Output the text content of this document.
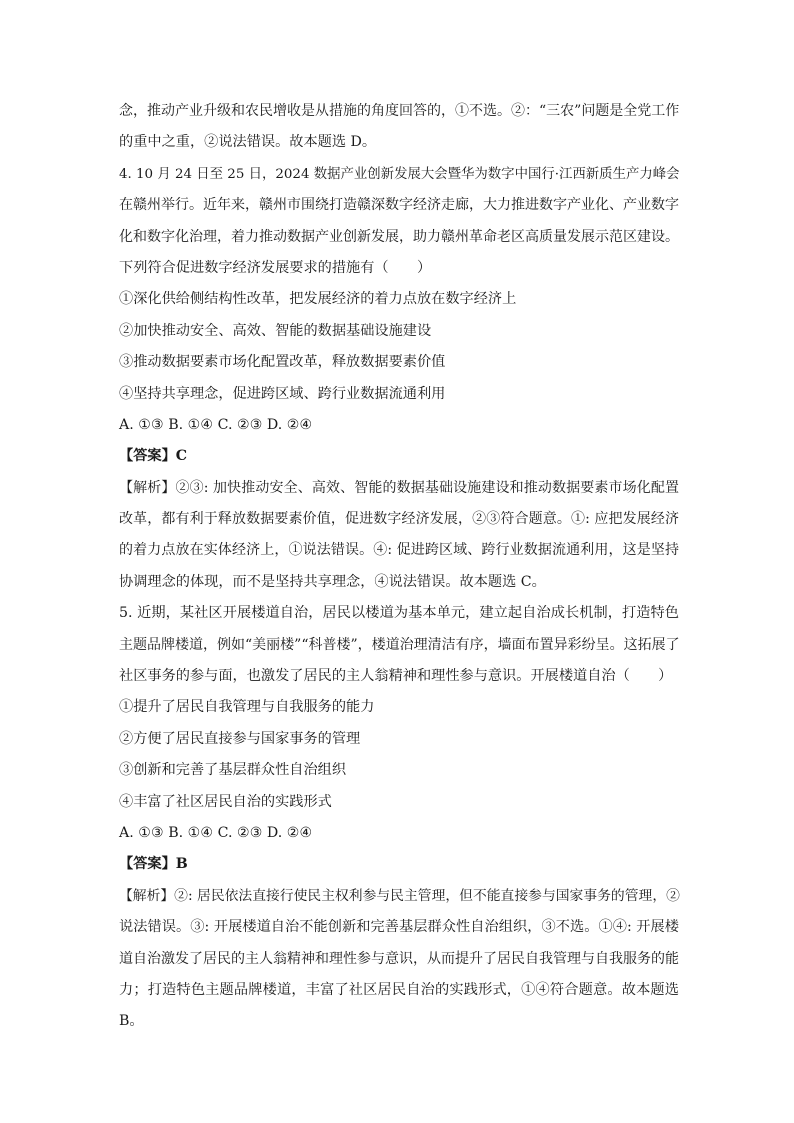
念，推动产业升级和农民增收是从措施的角度回答的，①不选。②：“三农”问题是全党工作
的重中之重，②说法错误。故本题选 D。
4. 10 月 24 日至 25 日，2024 数据产业创新发展大会暨华为数字中国行·江西新质生产力峰会
在赣州举行。近年来，赣州市围绕打造赣深数字经济走廊，大力推进数字产业化、产业数字
化和数字化治理，着力推动数据产业创新发展，助力赣州革命老区高质量发展示范区建设。
下列符合促进数字经济发展要求的措施有（　　）
①深化供给侧结构性改革，把发展经济的着力点放在数字经济上
②加快推动安全、高效、智能的数据基础设施建设
③推动数据要素市场化配置改革，释放数据要素价值
④坚持共享理念，促进跨区域、跨行业数据流通利用
A. ①③ B. ①④ C. ②③ D. ②④
【答案】C
【解析】②③: 加快推动安全、高效、智能的数据基础设施建设和推动数据要素市场化配置
改革，都有利于释放数据要素价值，促进数字经济发展，②③符合题意。①: 应把发展经济
的着力点放在实体经济上，①说法错误。④: 促进跨区域、跨行业数据流通利用，这是坚持
协调理念的体现，而不是坚持共享理念，④说法错误。故本题选 C。
5. 近期，某社区开展楼道自治，居民以楼道为基本单元，建立起自治成长机制，打造特色
主题品牌楼道，例如“美丽楼”“科普楼”，楼道治理清洁有序，墙面布置异彩纷呈。这拓展了
社区事务的参与面，也激发了居民的主人翁精神和理性参与意识。开展楼道自治（　　）
①提升了居民自我管理与自我服务的能力
②方便了居民直接参与国家事务的管理
③创新和完善了基层群众性自治组织
④丰富了社区居民自治的实践形式
A. ①③ B. ①④ C. ②③ D. ②④
【答案】B
【解析】②: 居民依法直接行使民主权利参与民主管理，但不能直接参与国家事务的管理，②
说法错误。③: 开展楼道自治不能创新和完善基层群众性自治组织，③不选。①④: 开展楼
道自治激发了居民的主人翁精神和理性参与意识，从而提升了居民自我管理与自我服务的能
力；打造特色主题品牌楼道，丰富了社区居民自治的实践形式，①④符合题意。故本题选
B。
